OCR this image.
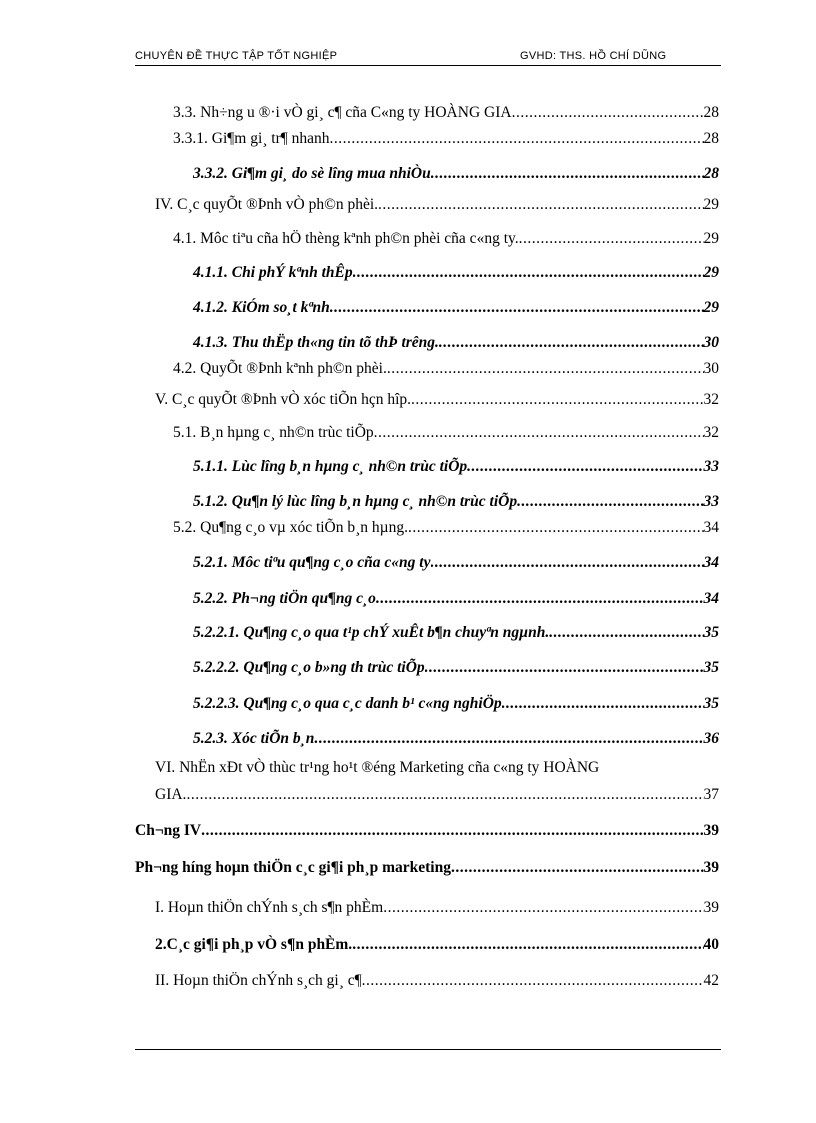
CHUYÊN ĐỀ THỰC TẬP TỐT NGHIỆP	GVHD: THS. HỒ CHÍ DŨNG
3.3. Nh÷ng u ®·i vÒ gi¸ c¶ cña C«ng ty HOÀNG GIA .....	28
3.3.1. Gi¶m gi¸ tr¶ nhanh .....	28
3.3.2. Gi¶m gi¸ do sè lîng mua nhiÒu .....	28
IV. C¸c quyÕt ®Þnh vÒ ph©n phèi. .....	29
4.1. Môc tiªu cña hÖ thèng kªnh ph©n phèi cña c«ng ty. .....	29
4.1.1. Chi phÝ kªnh thÊp .....	29
4.1.2. KiÓm so¸t kªnh .....	29
4.1.3. Thu thËp th«ng tin tõ thÞ trêng. .....	30
4.2. QuyÕt ®Þnh kªnh ph©n phèi. .....	30
V. C¸c quyÕt ®Þnh vÒ xóc tiÕn hçn hîp. .....	32
5.1. B¸n hµng c¸ nh©n trùc tiÕp .....	32
5.1.1. Lùc lîng b¸n hµng c¸ nh©n trùc tiÕp .....	33
5.1.2. Qu¶n lý lùc lîng b¸n hµng c¸ nh©n trùc tiÕp .....	33
5.2. Qu¶ng c¸o vµ xóc tiÕn b¸n hµng. .....	34
5.2.1. Môc tiªu qu¶ng c¸o cña c«ng ty .....	34
5.2.2. Ph¬ng tiÖn qu¶ng c¸o .....	34
5.2.2.1. Qu¶ng c¸o qua t¹p chÝ xuÊt b¶n chuyªn ngµnh. .....	35
5.2.2.2. Qu¶ng c¸o b»ng th trùc tiÕp .....	35
5.2.2.3. Qu¶ng c¸o qua c¸c danh b¹ c«ng nghiÖp .....	35
5.2.3. Xóc tiÕn b¸n .....	36
VI. NhËn xÐt vÒ thùc tr¹ng ho¹t ®éng Marketing cña c«ng ty HOÀNG
GIA. .....	37
Ch¬ng IV .....	39
Ph¬ng híng hoµn thiÖn c¸c gi¶i ph¸p marketing .....	39
I. Hoµn thiÖn chÝnh s¸ch s¶n phÈm .....	39
2.C¸c gi¶i ph¸p vÒ s¶n phÈm. .....	40
II. Hoµn thiÖn chÝnh s¸ch gi¸ c¶ .....	42
